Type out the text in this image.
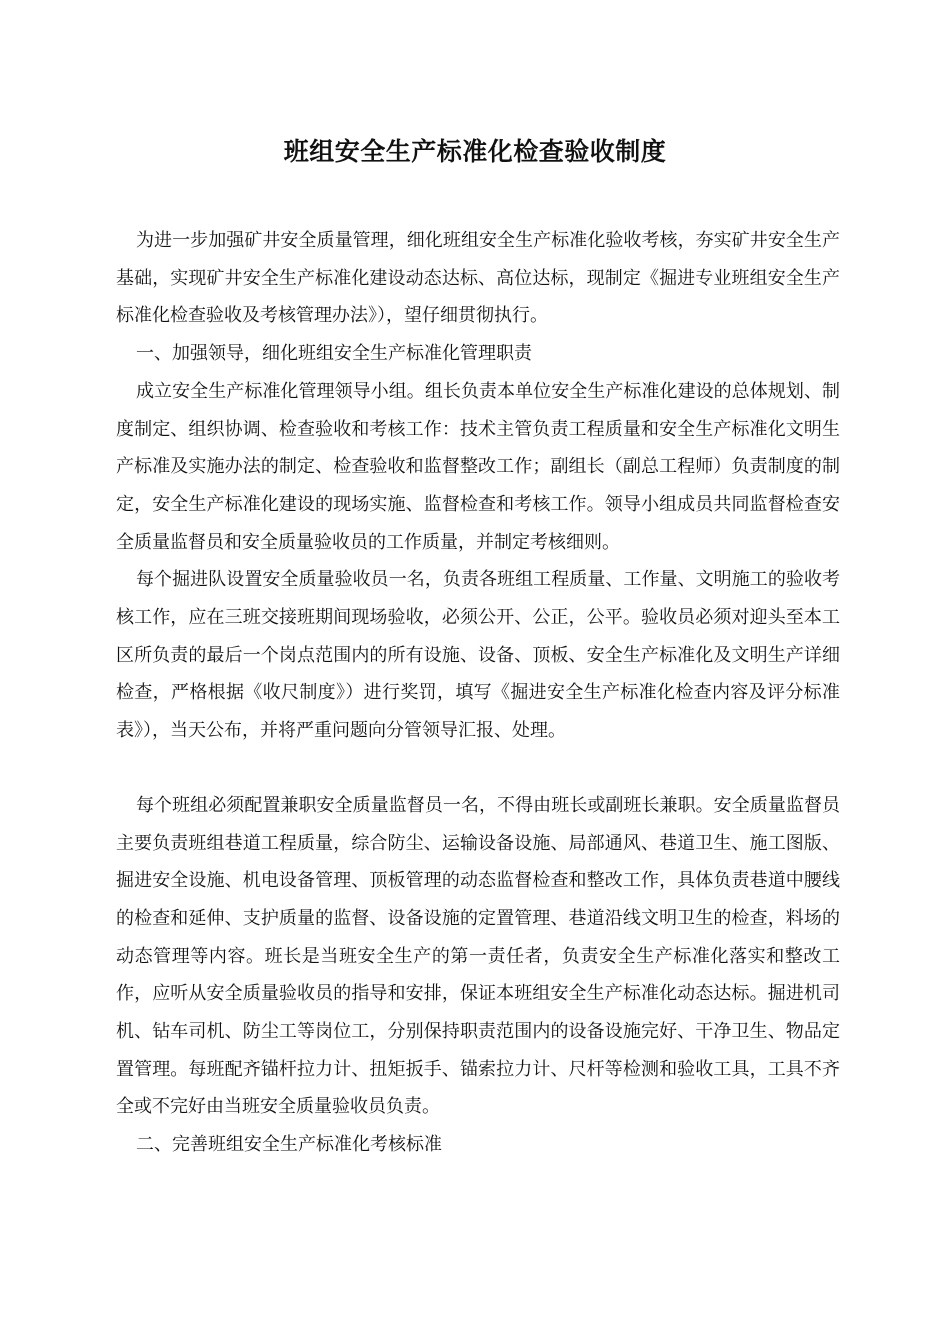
班组安全生产标准化检查验收制度

为进一步加强矿井安全质量管理，细化班组安全生产标准化验收考核，夯实矿井安全生产基础，实现矿井安全生产标准化建设动态达标、高位达标，现制定《掘进专业班组安全生产标准化检查验收及考核管理办法》），望仔细贯彻执行。

一、加强领导，细化班组安全生产标准化管理职责

成立安全生产标准化管理领导小组。组长负责本单位安全生产标准化建设的总体规划、制度制定、组织协调、检查验收和考核工作：技术主管负责工程质量和安全生产标准化文明生产标准及实施办法的制定、检查验收和监督整改工作；副组长（副总工程师）负责制度的制定，安全生产标准化建设的现场实施、监督检查和考核工作。领导小组成员共同监督检查安全质量监督员和安全质量验收员的工作质量，并制定考核细则。

每个掘进队设置安全质量验收员一名，负责各班组工程质量、工作量、文明施工的验收考核工作，应在三班交接班期间现场验收，必须公开、公正，公平。验收员必须对迎头至本工区所负责的最后一个岗点范围内的所有设施、设备、顶板、安全生产标准化及文明生产详细检查，严格根据《收尺制度》）进行奖罚，填写《掘进安全生产标准化检查内容及评分标准表》），当天公布，并将严重问题向分管领导汇报、处理。

每个班组必须配置兼职安全质量监督员一名，不得由班长或副班长兼职。安全质量监督员主要负责班组巷道工程质量，综合防尘、运输设备设施、局部通风、巷道卫生、施工图版、掘进安全设施、机电设备管理、顶板管理的动态监督检查和整改工作，具体负责巷道中腰线的检查和延伸、支护质量的监督、设备设施的定置管理、巷道沿线文明卫生的检查，料场的动态管理等内容。班长是当班安全生产的第一责任者，负责安全生产标准化落实和整改工作，应听从安全质量验收员的指导和安排，保证本班组安全生产标准化动态达标。掘进机司机、钻车司机、防尘工等岗位工，分别保持职责范围内的设备设施完好、干净卫生、物品定置管理。每班配齐锚杆拉力计、扭矩扳手、锚索拉力计、尺杆等检测和验收工具，工具不齐全或不完好由当班安全质量验收员负责。

二、完善班组安全生产标准化考核标准
